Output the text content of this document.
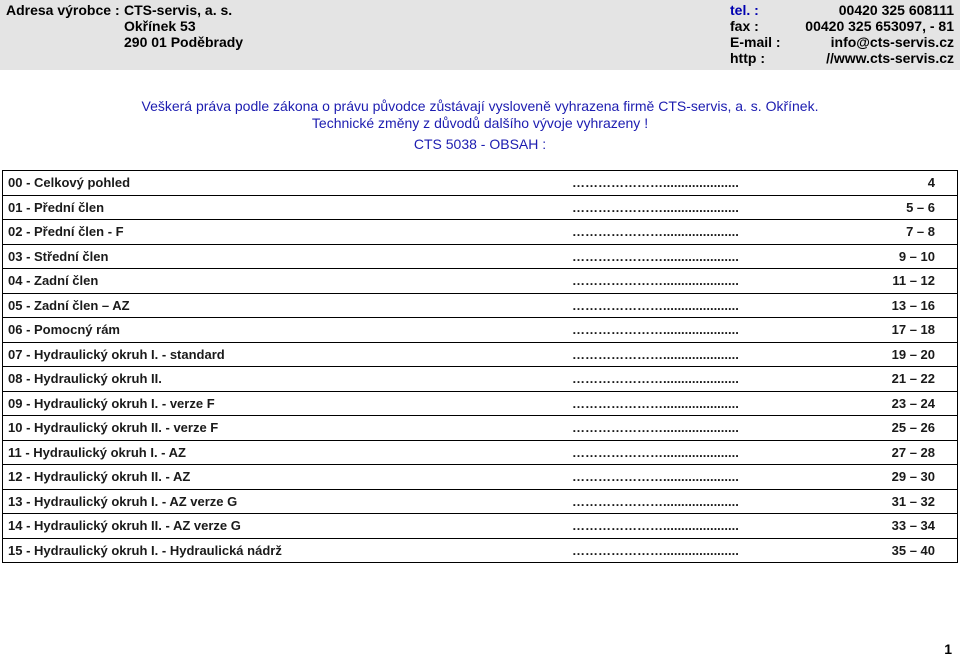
Adresa výrobce : CTS-servis, a. s.
Okřínek 53
290 01 Poděbrady
tel. :	00420 325 608111
fax :	00420 325 653097, - 81
E-mail :	info@cts-servis.cz
http :	//www.cts-servis.cz
Veškerá práva podle zákona o právu původce zůstávají vysloveně vyhrazena firmě CTS-servis, a. s. Okřínek.
Technické změny z důvodů dalšího vývoje vyhrazeny !
CTS 5038 - OBSAH :
00 - Celkový pohled	………………….....................	4
01 - Přední člen	………………….....................	5 – 6
02 - Přední člen - F	………………….....................	7 – 8
03 - Střední člen	………………….....................	9 – 10
04 - Zadní člen	………………….....................	11 – 12
05 - Zadní člen – AZ	………………….....................	13 – 16
06 - Pomocný rám	………………….....................	17 – 18
07 - Hydraulický okruh I. - standard	………………….....................	19 – 20
08 - Hydraulický okruh II.	………………….....................	21 – 22
09 - Hydraulický okruh I. - verze F	………………….....................	23 – 24
10 - Hydraulický okruh II. - verze F	………………….....................	25 – 26
11 - Hydraulický okruh I. - AZ	………………….....................	27 – 28
12 - Hydraulický okruh II. - AZ	………………….....................	29 – 30
13 - Hydraulický okruh I. - AZ verze G	………………….....................	31 – 32
14 - Hydraulický okruh II. - AZ verze G	………………….....................	33 – 34
15 - Hydraulický okruh I. - Hydraulická nádrž	………………….....................	35 – 40
1
